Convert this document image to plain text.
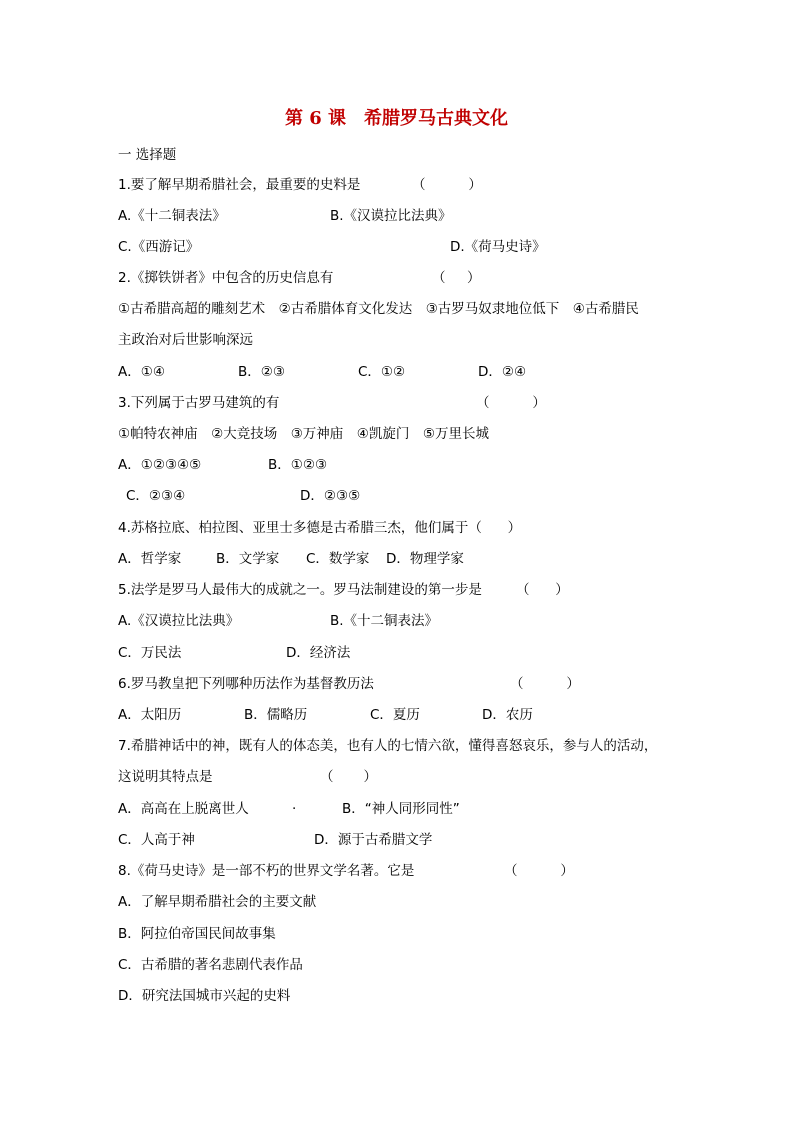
第 6 课　希腊罗马古典文化
一 选择题
1.要了解早期希腊社会，最重要的史料是	（          ）
A.《十二铜表法》	B.《汉谟拉比法典》
C.《西游记》	D.《荷马史诗》
2.《掷铁饼者》中包含的历史信息有	（     ）
①古希腊高超的雕刻艺术　②古希腊体育文化发达　③古罗马奴隶地位低下　④古希腊民
主政治对后世影响深远
A．①④	B．②③	C．①②	D．②④
3.下列属于古罗马建筑的有	（          ）
①帕特农神庙　②大竞技场　③万神庙　④凯旋门　⑤万里长城
A．①②③④⑤	B．①②③
C．②③④	D．②③⑤
4.苏格拉底、柏拉图、亚里士多德是古希腊三杰，他们属于（      ）
A．哲学家	B．文学家 C．数学家 D．物理学家
5.法学是罗马人最伟大的成就之一。罗马法制建设的第一步是	（      ）
A.《汉谟拉比法典》	B.《十二铜表法》
C．万民法	D．经济法
6.罗马教皇把下列哪种历法作为基督教历法	（          ）
A．太阳历	B．儒略历	C．夏历	D．农历
7.希腊神话中的神，既有人的体态美，也有人的七情六欲，懂得喜怒哀乐，参与人的活动，
这说明其特点是	（       ）
A．高高在上脱离世人	·	B．“神人同形同性”
C．人高于神	D．源于古希腊文学
8.《荷马史诗》是一部不朽的世界文学名著。它是	（          ）
A．了解早期希腊社会的主要文献
B．阿拉伯帝国民间故事集
C．古希腊的著名悲剧代表作品
D．研究法国城市兴起的史料
